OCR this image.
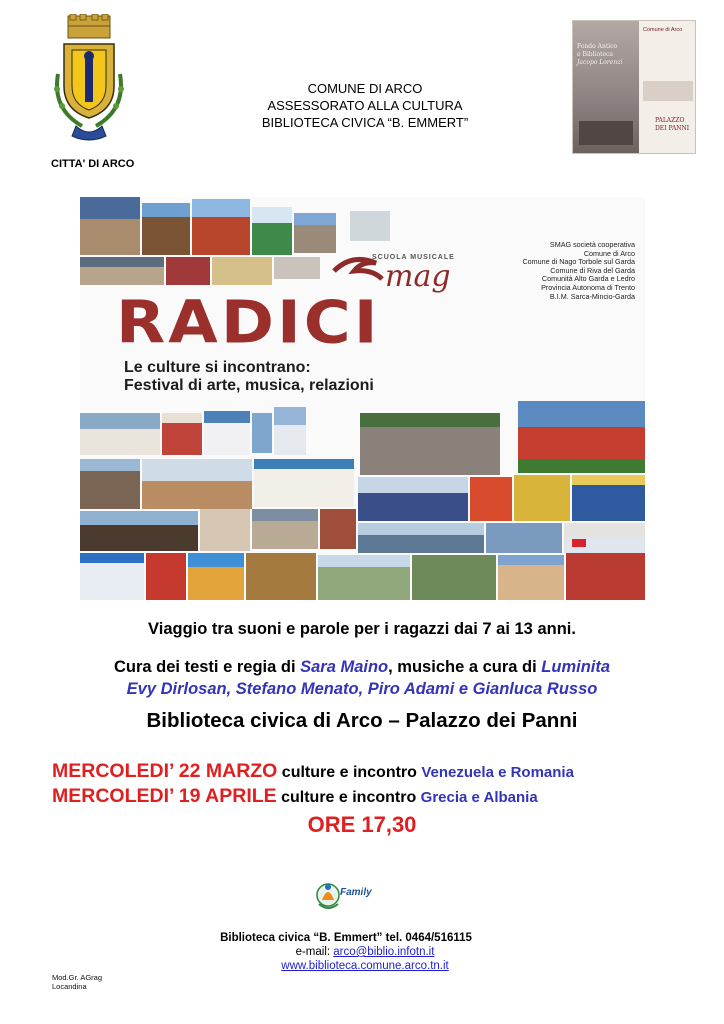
CITTA' DI ARCO
COMUNE DI ARCO
ASSESSORATO ALLA CULTURA
BIBLIOTECA CIVICA “B. EMMERT”
Comune di Arco
Fondo Antico
e Biblioteca
Jacopo Lorenzi
PALAZZO
DEI PANNI
SCUOLA MUSICALE
mag
SMAG società cooperativa
Comune di Arco
Comune di Nago Torbole sul Garda
Comune di Riva del Garda
Comunità Alto Garda e Ledro
Provincia Autonoma di Trento
B.I.M. Sarca-Mincio-Garda
RADICI
Le culture si incontrano:
Festival di arte, musica, relazioni
Viaggio tra suoni e parole per i ragazzi dai 7 ai 13 anni.
Cura dei testi e regia di Sara Maino, musiche a cura di Luminita
Evy Dirlosan, Stefano Menato, Piro Adami e Gianluca Russo
Biblioteca civica di Arco – Palazzo dei Panni
MERCOLEDI’ 22 MARZO culture e incontro Venezuela e Romania
MERCOLEDI’ 19 APRILE culture e incontro Grecia e Albania
ORE 17,30
Family
Biblioteca civica “B. Emmert” tel. 0464/516115
e-mail: arco@biblio.infotn.it
www.biblioteca.comune.arco.tn.it
Mod.Gr. AGrag
Locandina
